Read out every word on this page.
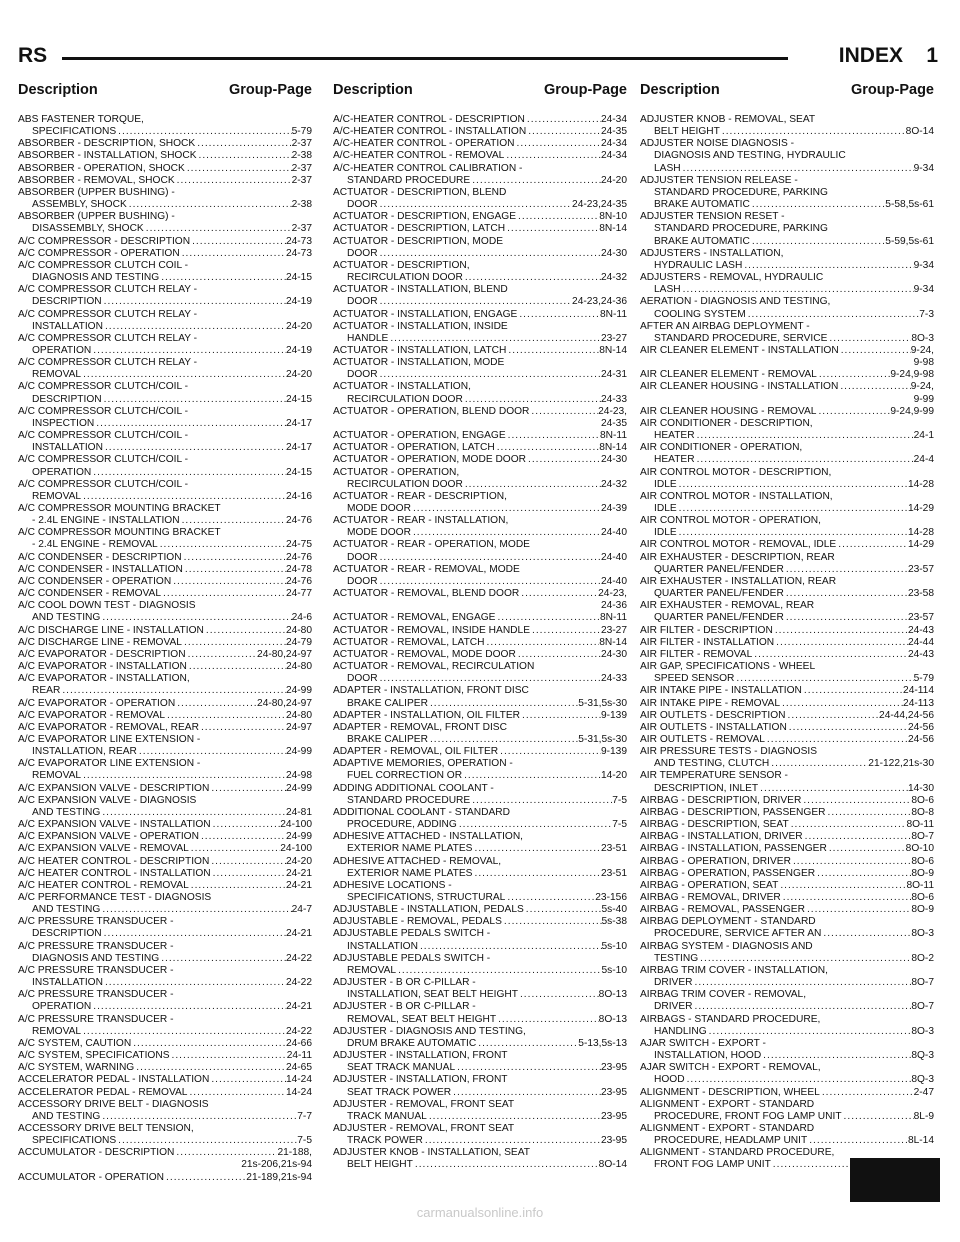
RS	INDEX 1
Description	Group-Page Description	Group-Page Description	Group-Page
ABS FASTENER TORQUE,
SPECIFICATIONS .....	5-79
ABSORBER - DESCRIPTION, SHOCK .....	2-37
ABSORBER - INSTALLATION, SHOCK .....	2-38
ABSORBER - OPERATION, SHOCK .....	2-37
ABSORBER - REMOVAL, SHOCK .....	2-37
ABSORBER (UPPER BUSHING) -
ASSEMBLY, SHOCK .....	2-38
ABSORBER (UPPER BUSHING) -
DISASSEMBLY, SHOCK .....	2-37
A/C COMPRESSOR - DESCRIPTION .....	24-73
A/C COMPRESSOR - OPERATION .....	24-73
A/C COMPRESSOR CLUTCH COIL -
DIAGNOSIS AND TESTING .....	24-15
A/C COMPRESSOR CLUTCH RELAY -
DESCRIPTION .....	24-19
A/C COMPRESSOR CLUTCH RELAY -
INSTALLATION .....	24-20
A/C COMPRESSOR CLUTCH RELAY -
OPERATION .....	24-19
A/C COMPRESSOR CLUTCH RELAY -
REMOVAL .....	24-20
A/C COMPRESSOR CLUTCH/COIL -
DESCRIPTION .....	24-15
A/C COMPRESSOR CLUTCH/COIL -
INSPECTION .....	24-17
A/C COMPRESSOR CLUTCH/COIL -
INSTALLATION .....	24-17
A/C COMPRESSOR CLUTCH/COIL -
OPERATION .....	24-15
A/C COMPRESSOR CLUTCH/COIL -
REMOVAL .....	24-16
A/C COMPRESSOR MOUNTING BRACKET
- 2.4L ENGINE - INSTALLATION .....	24-76
A/C COMPRESSOR MOUNTING BRACKET
- 2.4L ENGINE - REMOVAL .....	24-75
A/C CONDENSER - DESCRIPTION .....	24-76
A/C CONDENSER - INSTALLATION .....	24-78
A/C CONDENSER - OPERATION .....	24-76
A/C CONDENSER - REMOVAL .....	24-77
A/C COOL DOWN TEST - DIAGNOSIS
AND TESTING .....	24-6
A/C DISCHARGE LINE - INSTALLATION .....	24-80
A/C DISCHARGE LINE - REMOVAL .....	24-79
A/C EVAPORATOR - DESCRIPTION .....	24-80,24-97
A/C EVAPORATOR - INSTALLATION .....	24-80
A/C EVAPORATOR - INSTALLATION,
REAR .....	24-99
A/C EVAPORATOR - OPERATION .....	24-80,24-97
A/C EVAPORATOR - REMOVAL .....	24-80
A/C EVAPORATOR - REMOVAL, REAR .....	24-97
A/C EVAPORATOR LINE EXTENSION -
INSTALLATION, REAR .....	24-99
A/C EVAPORATOR LINE EXTENSION -
REMOVAL .....	24-98
A/C EXPANSION VALVE - DESCRIPTION .....	24-99
A/C EXPANSION VALVE - DIAGNOSIS
AND TESTING .....	24-81
A/C EXPANSION VALVE - INSTALLATION .....	24-100
A/C EXPANSION VALVE - OPERATION .....	24-99
A/C EXPANSION VALVE - REMOVAL .....	24-100
A/C HEATER CONTROL - DESCRIPTION .....	24-20
A/C HEATER CONTROL - INSTALLATION .....	24-21
A/C HEATER CONTROL - REMOVAL .....	24-21
A/C PERFORMANCE TEST - DIAGNOSIS
AND TESTING .....	24-7
A/C PRESSURE TRANSDUCER -
DESCRIPTION .....	24-21
A/C PRESSURE TRANSDUCER -
DIAGNOSIS AND TESTING .....	24-22
A/C PRESSURE TRANSDUCER -
INSTALLATION .....	24-22
A/C PRESSURE TRANSDUCER -
OPERATION .....	24-21
A/C PRESSURE TRANSDUCER -
REMOVAL .....	24-22
A/C SYSTEM, CAUTION .....	24-66
A/C SYSTEM, SPECIFICATIONS .....	24-11
A/C SYSTEM, WARNING .....	24-65
ACCELERATOR PEDAL - INSTALLATION .....	14-24
ACCELERATOR PEDAL - REMOVAL .....	14-24
ACCESSORY DRIVE BELT - DIAGNOSIS
AND TESTING .....	7-7
ACCESSORY DRIVE BELT TENSION,
SPECIFICATIONS .....	7-5
ACCUMULATOR - DESCRIPTION .....	21-188,
21s-206,21s-94
ACCUMULATOR - OPERATION .....	21-189,21s-94
A/C-HEATER CONTROL - DESCRIPTION .....	24-34
A/C-HEATER CONTROL - INSTALLATION .....	24-35
A/C-HEATER CONTROL - OPERATION .....	24-34
A/C-HEATER CONTROL - REMOVAL .....	24-34
A/C-HEATER CONTROL CALIBRATION -
STANDARD PROCEDURE .....	24-20
ACTUATOR - DESCRIPTION, BLEND
DOOR .....	24-23,24-35
ACTUATOR - DESCRIPTION, ENGAGE .....	8N-10
ACTUATOR - DESCRIPTION, LATCH .....	8N-14
ACTUATOR - DESCRIPTION, MODE
DOOR .....	24-30
ACTUATOR - DESCRIPTION,
RECIRCULATION DOOR .....	24-32
ACTUATOR - INSTALLATION, BLEND
DOOR .....	24-23,24-36
ACTUATOR - INSTALLATION, ENGAGE .....	8N-11
ACTUATOR - INSTALLATION, INSIDE
HANDLE .....	23-27
ACTUATOR - INSTALLATION, LATCH .....	8N-14
ACTUATOR - INSTALLATION, MODE
DOOR .....	24-31
ACTUATOR - INSTALLATION,
RECIRCULATION DOOR .....	24-33
ACTUATOR - OPERATION, BLEND DOOR .....	24-23,
24-35
ACTUATOR - OPERATION, ENGAGE .....	8N-11
ACTUATOR - OPERATION, LATCH .....	8N-14
ACTUATOR - OPERATION, MODE DOOR .....	24-30
ACTUATOR - OPERATION,
RECIRCULATION DOOR .....	24-32
ACTUATOR - REAR - DESCRIPTION,
MODE DOOR .....	24-39
ACTUATOR - REAR - INSTALLATION,
MODE DOOR .....	24-40
ACTUATOR - REAR - OPERATION, MODE
DOOR .....	24-40
ACTUATOR - REAR - REMOVAL, MODE
DOOR .....	24-40
ACTUATOR - REMOVAL, BLEND DOOR .....	24-23,
24-36
ACTUATOR - REMOVAL, ENGAGE .....	8N-11
ACTUATOR - REMOVAL, INSIDE HANDLE .....	23-27
ACTUATOR - REMOVAL, LATCH .....	8N-14
ACTUATOR - REMOVAL, MODE DOOR .....	24-30
ACTUATOR - REMOVAL, RECIRCULATION
DOOR .....	24-33
ADAPTER - INSTALLATION, FRONT DISC
BRAKE CALIPER .....	5-31,5s-30
ADAPTER - INSTALLATION, OIL FILTER .....	9-139
ADAPTER - REMOVAL, FRONT DISC
BRAKE CALIPER .....	5-31,5s-30
ADAPTER - REMOVAL, OIL FILTER .....	9-139
ADAPTIVE MEMORIES, OPERATION -
FUEL CORRECTION OR .....	14-20
ADDING ADDITIONAL COOLANT -
STANDARD PROCEDURE .....	7-5
ADDITIONAL COOLANT - STANDARD
PROCEDURE, ADDING .....	7-5
ADHESIVE ATTACHED - INSTALLATION,
EXTERIOR NAME PLATES .....	23-51
ADHESIVE ATTACHED - REMOVAL,
EXTERIOR NAME PLATES .....	23-51
ADHESIVE LOCATIONS -
SPECIFICATIONS, STRUCTURAL .....	23-156
ADJUSTABLE - INSTALLATION, PEDALS .....	5s-40
ADJUSTABLE - REMOVAL, PEDALS .....	5s-38
ADJUSTABLE PEDALS SWITCH -
INSTALLATION .....	5s-10
ADJUSTABLE PEDALS SWITCH -
REMOVAL .....	5s-10
ADJUSTER - B OR C-PILLAR -
INSTALLATION, SEAT BELT HEIGHT .....	8O-13
ADJUSTER - B OR C-PILLAR -
REMOVAL, SEAT BELT HEIGHT .....	8O-13
ADJUSTER - DIAGNOSIS AND TESTING,
DRUM BRAKE AUTOMATIC .....	5-13,5s-13
ADJUSTER - INSTALLATION, FRONT
SEAT TRACK MANUAL .....	23-95
ADJUSTER - INSTALLATION, FRONT
SEAT TRACK POWER .....	23-95
ADJUSTER - REMOVAL, FRONT SEAT
TRACK MANUAL .....	23-95
ADJUSTER - REMOVAL, FRONT SEAT
TRACK POWER .....	23-95
ADJUSTER KNOB - INSTALLATION, SEAT
BELT HEIGHT .....	8O-14
ADJUSTER KNOB - REMOVAL, SEAT
BELT HEIGHT .....	8O-14
ADJUSTER NOISE DIAGNOSIS -
DIAGNOSIS AND TESTING, HYDRAULIC
LASH .....	9-34
ADJUSTER TENSION RELEASE -
STANDARD PROCEDURE, PARKING
BRAKE AUTOMATIC .....	5-58,5s-61
ADJUSTER TENSION RESET -
STANDARD PROCEDURE, PARKING
BRAKE AUTOMATIC .....	5-59,5s-61
ADJUSTERS - INSTALLATION,
HYDRAULIC LASH .....	9-34
ADJUSTERS - REMOVAL, HYDRAULIC
LASH .....	9-34
AERATION - DIAGNOSIS AND TESTING,
COOLING SYSTEM .....	7-3
AFTER AN AIRBAG DEPLOYMENT -
STANDARD PROCEDURE, SERVICE .....	8O-3
AIR CLEANER ELEMENT - INSTALLATION .....	9-24,
9-98
AIR CLEANER ELEMENT - REMOVAL .....	9-24,9-98
AIR CLEANER HOUSING - INSTALLATION .....	9-24,
9-99
AIR CLEANER HOUSING - REMOVAL .....	9-24,9-99
AIR CONDITIONER - DESCRIPTION,
HEATER .....	24-1
AIR CONDITIONER - OPERATION,
HEATER .....	24-4
AIR CONTROL MOTOR - DESCRIPTION,
IDLE .....	14-28
AIR CONTROL MOTOR - INSTALLATION,
IDLE .....	14-29
AIR CONTROL MOTOR - OPERATION,
IDLE .....	14-28
AIR CONTROL MOTOR - REMOVAL, IDLE .....	14-29
AIR EXHAUSTER - DESCRIPTION, REAR
QUARTER PANEL/FENDER .....	23-57
AIR EXHAUSTER - INSTALLATION, REAR
QUARTER PANEL/FENDER .....	23-58
AIR EXHAUSTER - REMOVAL, REAR
QUARTER PANEL/FENDER .....	23-57
AIR FILTER - DESCRIPTION .....	24-43
AIR FILTER - INSTALLATION .....	24-44
AIR FILTER - REMOVAL .....	24-43
AIR GAP, SPECIFICATIONS - WHEEL
SPEED SENSOR .....	5-79
AIR INTAKE PIPE - INSTALLATION .....	24-114
AIR INTAKE PIPE - REMOVAL .....	24-113
AIR OUTLETS - DESCRIPTION .....	24-44,24-56
AIR OUTLETS - INSTALLATION .....	24-56
AIR OUTLETS - REMOVAL .....	24-56
AIR PRESSURE TESTS - DIAGNOSIS
AND TESTING, CLUTCH .....	21-122,21s-30
AIR TEMPERATURE SENSOR -
DESCRIPTION, INLET .....	14-30
AIRBAG - DESCRIPTION, DRIVER .....	8O-6
AIRBAG - DESCRIPTION, PASSENGER .....	8O-8
AIRBAG - DESCRIPTION, SEAT .....	8O-11
AIRBAG - INSTALLATION, DRIVER .....	8O-7
AIRBAG - INSTALLATION, PASSENGER .....	8O-10
AIRBAG - OPERATION, DRIVER .....	8O-6
AIRBAG - OPERATION, PASSENGER .....	8O-9
AIRBAG - OPERATION, SEAT .....	8O-11
AIRBAG - REMOVAL, DRIVER .....	8O-6
AIRBAG - REMOVAL, PASSENGER .....	8O-9
AIRBAG DEPLOYMENT - STANDARD
PROCEDURE, SERVICE AFTER AN .....	8O-3
AIRBAG SYSTEM - DIAGNOSIS AND
TESTING .....	8O-2
AIRBAG TRIM COVER - INSTALLATION,
DRIVER .....	8O-7
AIRBAG TRIM COVER - REMOVAL,
DRIVER .....	8O-7
AIRBAGS - STANDARD PROCEDURE,
HANDLING .....	8O-3
AJAR SWITCH - EXPORT -
INSTALLATION, HOOD .....	8Q-3
AJAR SWITCH - EXPORT - REMOVAL,
HOOD .....	8Q-3
ALIGNMENT - DESCRIPTION, WHEEL .....	2-47
ALIGNMENT - EXPORT - STANDARD
PROCEDURE, FRONT FOG LAMP UNIT .....	8L-9
ALIGNMENT - EXPORT - STANDARD
PROCEDURE, HEADLAMP UNIT .....	8L-14
ALIGNMENT - STANDARD PROCEDURE,
FRONT FOG LAMP UNIT
.....
carmanualsonline.info
